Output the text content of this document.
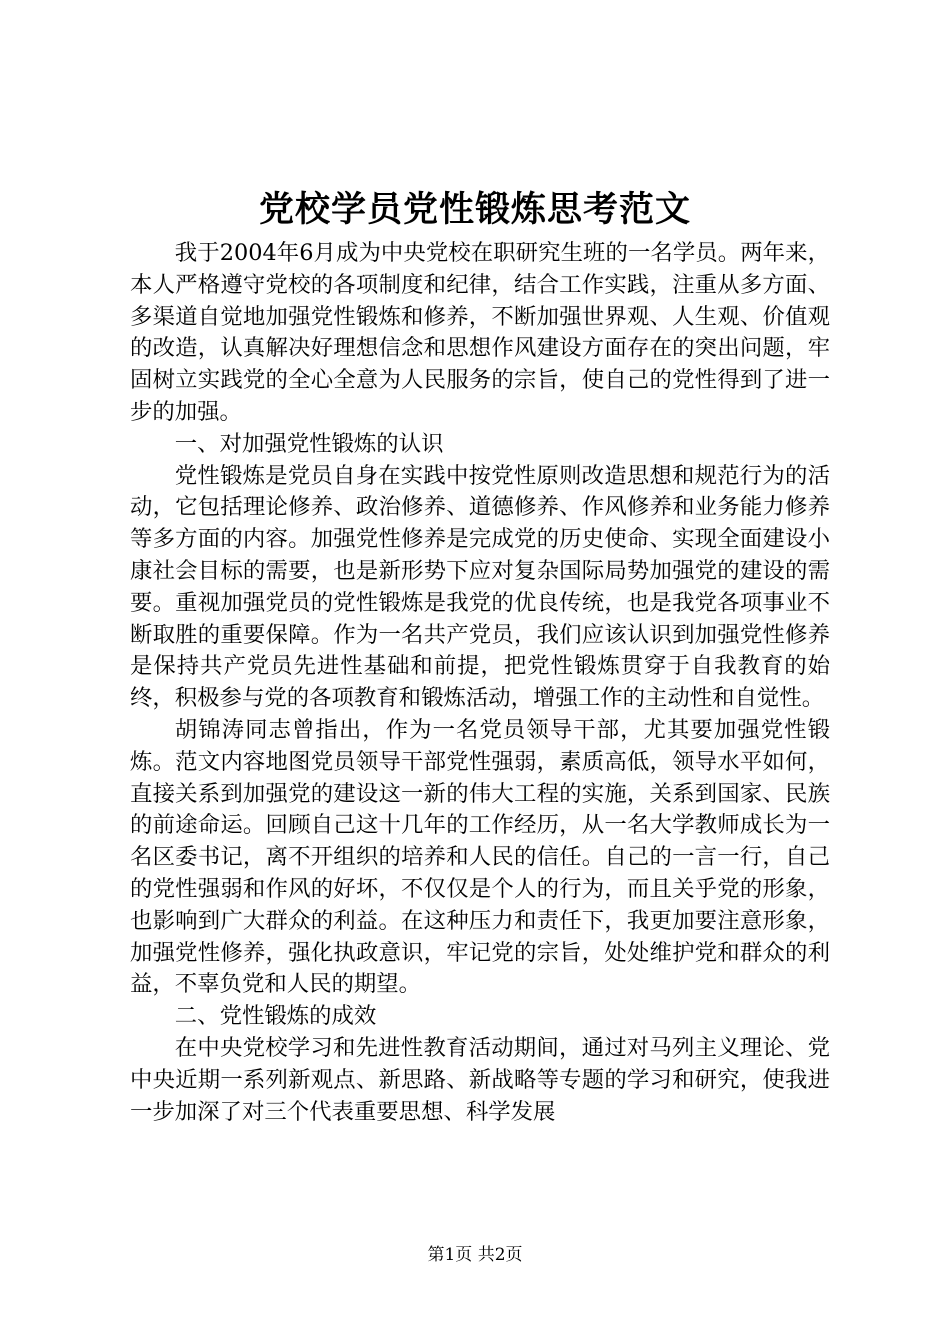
党校学员党性锻炼思考范文

我于2004年6月成为中央党校在职研究生班的一名学员。两年来，本人严格遵守党校的各项制度和纪律，结合工作实践，注重从多方面、多渠道自觉地加强党性锻炼和修养，不断加强世界观、人生观、价值观的改造，认真解决好理想信念和思想作风建设方面存在的突出问题，牢固树立实践党的全心全意为人民服务的宗旨，使自己的党性得到了进一步的加强。

一、对加强党性锻炼的认识

党性锻炼是党员自身在实践中按党性原则改造思想和规范行为的活动，它包括理论修养、政治修养、道德修养、作风修养和业务能力修养等多方面的内容。加强党性修养是完成党的历史使命、实现全面建设小康社会目标的需要，也是新形势下应对复杂国际局势加强党的建设的需要。重视加强党员的党性锻炼是我党的优良传统，也是我党各项事业不断取胜的重要保障。作为一名共产党员，我们应该认识到加强党性修养是保持共产党员先进性基础和前提，把党性锻炼贯穿于自我教育的始终，积极参与党的各项教育和锻炼活动，增强工作的主动性和自觉性。

胡锦涛同志曾指出，作为一名党员领导干部，尤其要加强党性锻炼。范文内容地图党员领导干部党性强弱，素质高低，领导水平如何，直接关系到加强党的建设这一新的伟大工程的实施，关系到国家、民族的前途命运。回顾自己这十几年的工作经历，从一名大学教师成长为一名区委书记，离不开组织的培养和人民的信任。自己的一言一行，自己的党性强弱和作风的好坏，不仅仅是个人的行为，而且关乎党的形象，也影响到广大群众的利益。在这种压力和责任下，我更加要注意形象，加强党性修养，强化执政意识，牢记党的宗旨，处处维护党和群众的利益，不辜负党和人民的期望。

二、党性锻炼的成效

在中央党校学习和先进性教育活动期间，通过对马列主义理论、党中央近期一系列新观点、新思路、新战略等专题的学习和研究，使我进一步加深了对三个代表重要思想、科学发展

第1页 共2页
